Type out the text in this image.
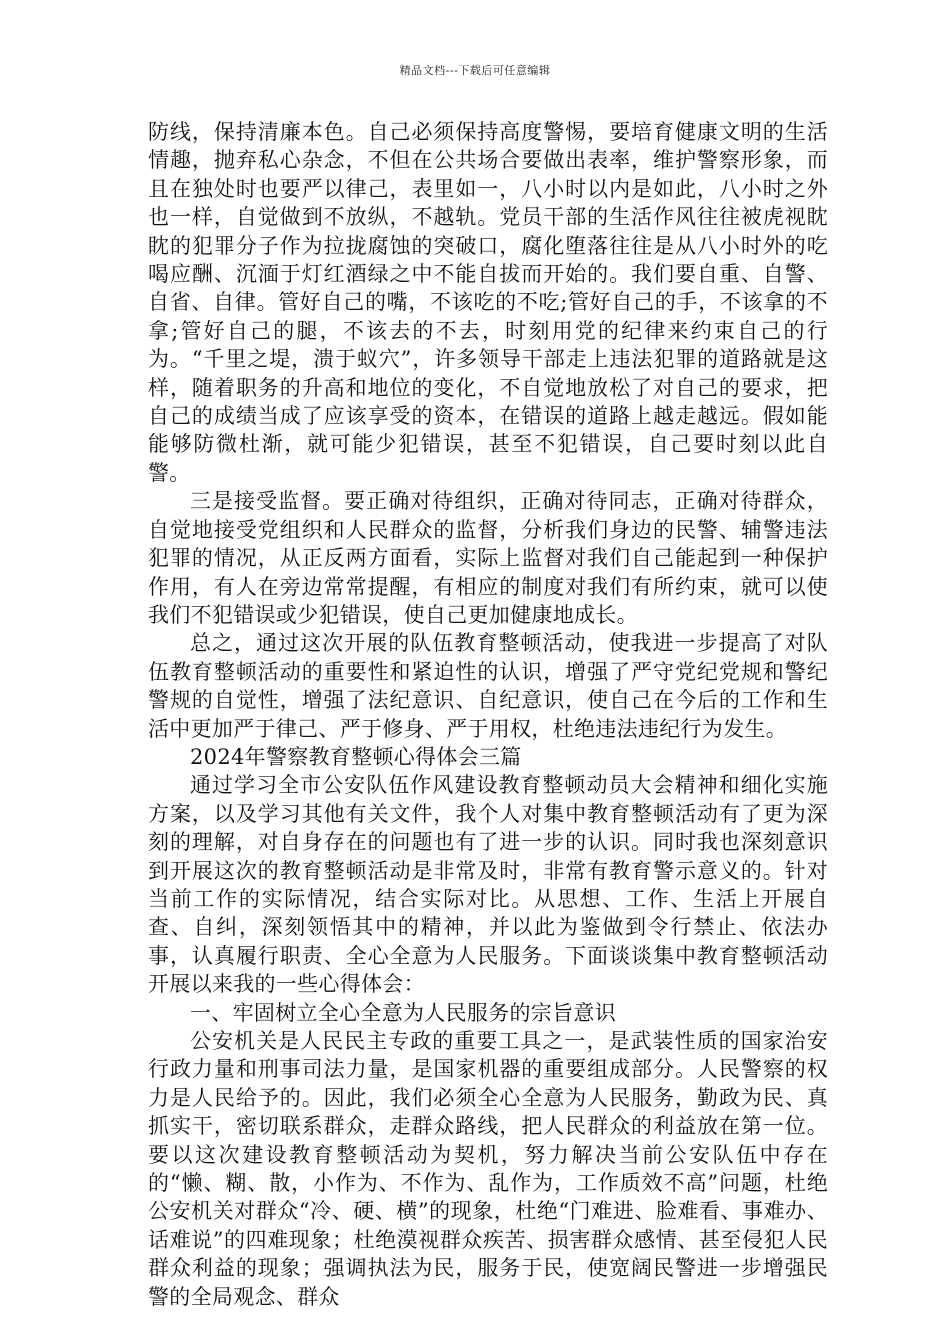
精品文档---下载后可任意编辑

防线，保持清廉本色。自己必须保持高度警惕，要培育健康文明的生活情趣，抛弃私心杂念，不但在公共场合要做出表率，维护警察形象，而且在独处时也要严以律己，表里如一，八小时以内是如此，八小时之外也一样，自觉做到不放纵，不越轨。党员干部的生活作风往往被虎视眈眈的犯罪分子作为拉拢腐蚀的突破口，腐化堕落往往是从八小时外的吃喝应酬、沉湎于灯红酒绿之中不能自拔而开始的。我们要自重、自警、自省、自律。管好自己的嘴，不该吃的不吃;管好自己的手，不该拿的不拿;管好自己的腿，不该去的不去，时刻用党的纪律来约束自己的行为。“千里之堤，溃于蚁穴”，许多领导干部走上违法犯罪的道路就是这样，随着职务的升高和地位的变化，不自觉地放松了对自己的要求，把自己的成绩当成了应该享受的资本，在错误的道路上越走越远。假如能能够防微杜渐，就可能少犯错误，甚至不犯错误，自己要时刻以此自警。

三是接受监督。要正确对待组织，正确对待同志，正确对待群众，自觉地接受党组织和人民群众的监督，分析我们身边的民警、辅警违法犯罪的情况，从正反两方面看，实际上监督对我们自己能起到一种保护作用，有人在旁边常常提醒，有相应的制度对我们有所约束，就可以使我们不犯错误或少犯错误，使自己更加健康地成长。

总之，通过这次开展的队伍教育整顿活动，使我进一步提高了对队伍教育整顿活动的重要性和紧迫性的认识，增强了严守党纪党规和警纪警规的自觉性，增强了法纪意识、自纪意识，使自己在今后的工作和生活中更加严于律己、严于修身、严于用权，杜绝违法违纪行为发生。

2024年警察教育整顿心得体会三篇

通过学习全市公安队伍作风建设教育整顿动员大会精神和细化实施方案，以及学习其他有关文件，我个人对集中教育整顿活动有了更为深刻的理解，对自身存在的问题也有了进一步的认识。同时我也深刻意识到开展这次的教育整顿活动是非常及时，非常有教育警示意义的。针对当前工作的实际情况，结合实际对比。从思想、工作、生活上开展自查、自纠，深刻领悟其中的精神，并以此为鉴做到令行禁止、依法办事，认真履行职责、全心全意为人民服务。下面谈谈集中教育整顿活动开展以来我的一些心得体会：

一、牢固树立全心全意为人民服务的宗旨意识

公安机关是人民民主专政的重要工具之一，是武装性质的国家治安行政力量和刑事司法力量，是国家机器的重要组成部分。人民警察的权力是人民给予的。因此，我们必须全心全意为人民服务，勤政为民、真抓实干，密切联系群众，走群众路线，把人民群众的利益放在第一位。要以这次建设教育整顿活动为契机，努力解决当前公安队伍中存在的“懒、糊、散，小作为、不作为、乱作为，工作质效不高”问题，杜绝公安机关对群众“冷、硬、横”的现象，杜绝“门难进、脸难看、事难办、话难说”的四难现象；杜绝漠视群众疾苦、损害群众感情、甚至侵犯人民群众利益的现象；强调执法为民，服务于民，使宽阔民警进一步增强民警的全局观念、群众
